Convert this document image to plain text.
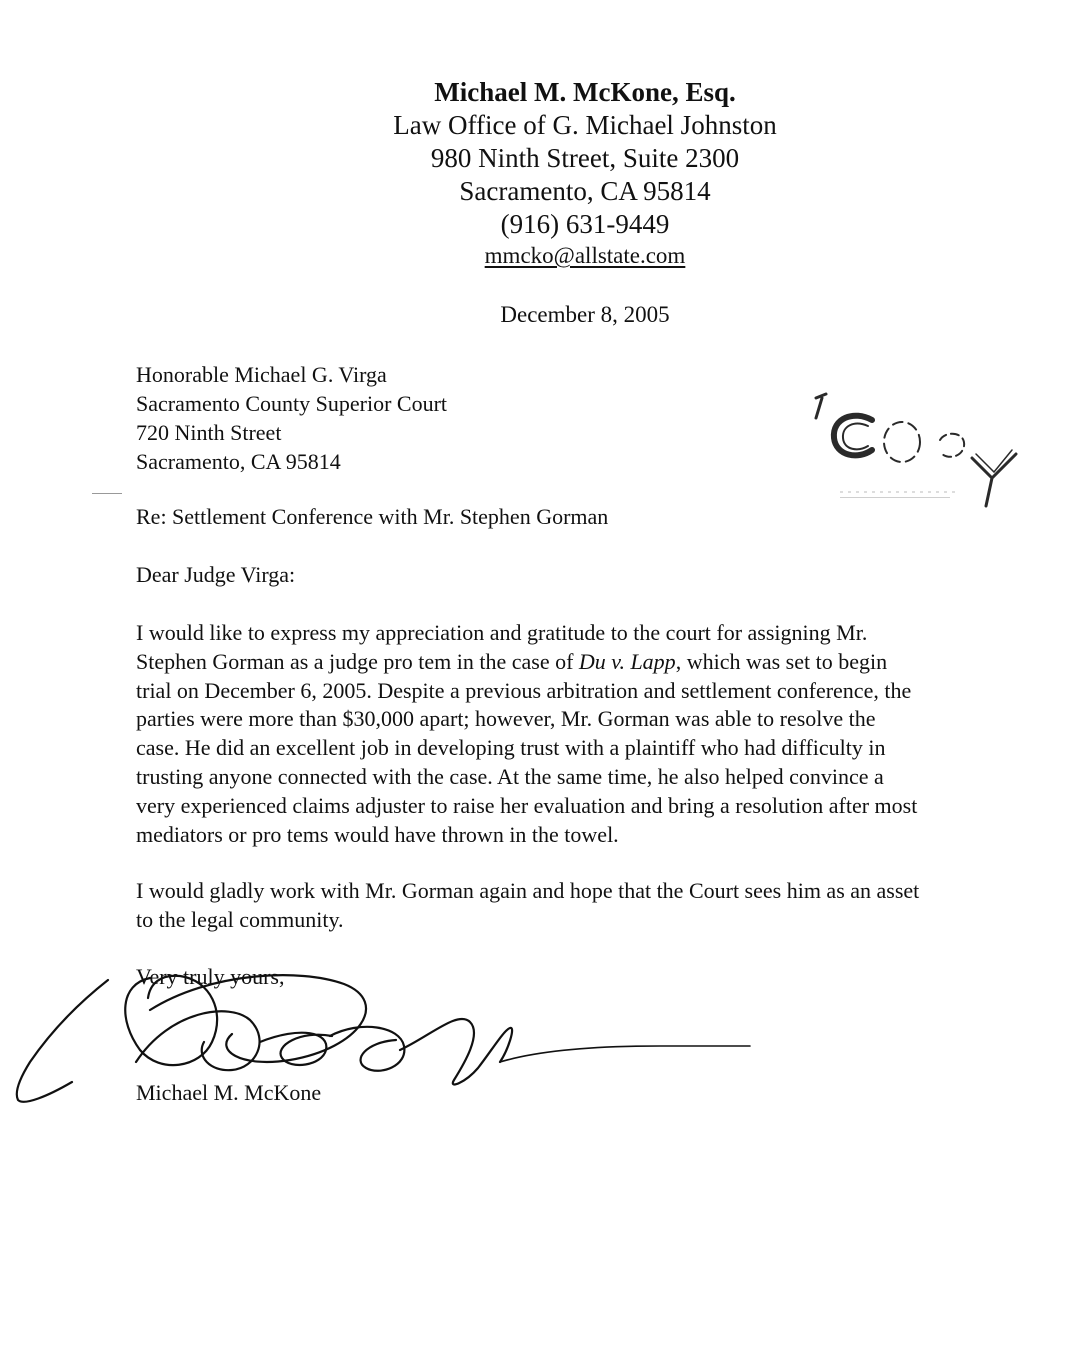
Michael M. McKone, Esq.
Law Office of G. Michael Johnston
980 Ninth Street, Suite 2300
Sacramento, CA 95814
(916) 631-9449
mmcko@allstate.com
December 8, 2005
Honorable Michael G. Virga
Sacramento County Superior Court
720 Ninth Street
Sacramento, CA 95814
Re: Settlement Conference with Mr. Stephen Gorman
Dear Judge Virga:
I would like to express my appreciation and gratitude to the court for assigning Mr.
Stephen Gorman as a judge pro tem in the case of Du v. Lapp, which was set to begin
trial on December 6, 2005. Despite a previous arbitration and settlement conference, the
parties were more than $30,000 apart; however, Mr. Gorman was able to resolve the
case. He did an excellent job in developing trust with a plaintiff who had difficulty in
trusting anyone connected with the case. At the same time, he also helped convince a
very experienced claims adjuster to raise her evaluation and bring a resolution after most
mediators or pro tems would have thrown in the towel.
I would gladly work with Mr. Gorman again and hope that the Court sees him as an asset
to the legal community.
Very truly yours,
Michael M. McKone
